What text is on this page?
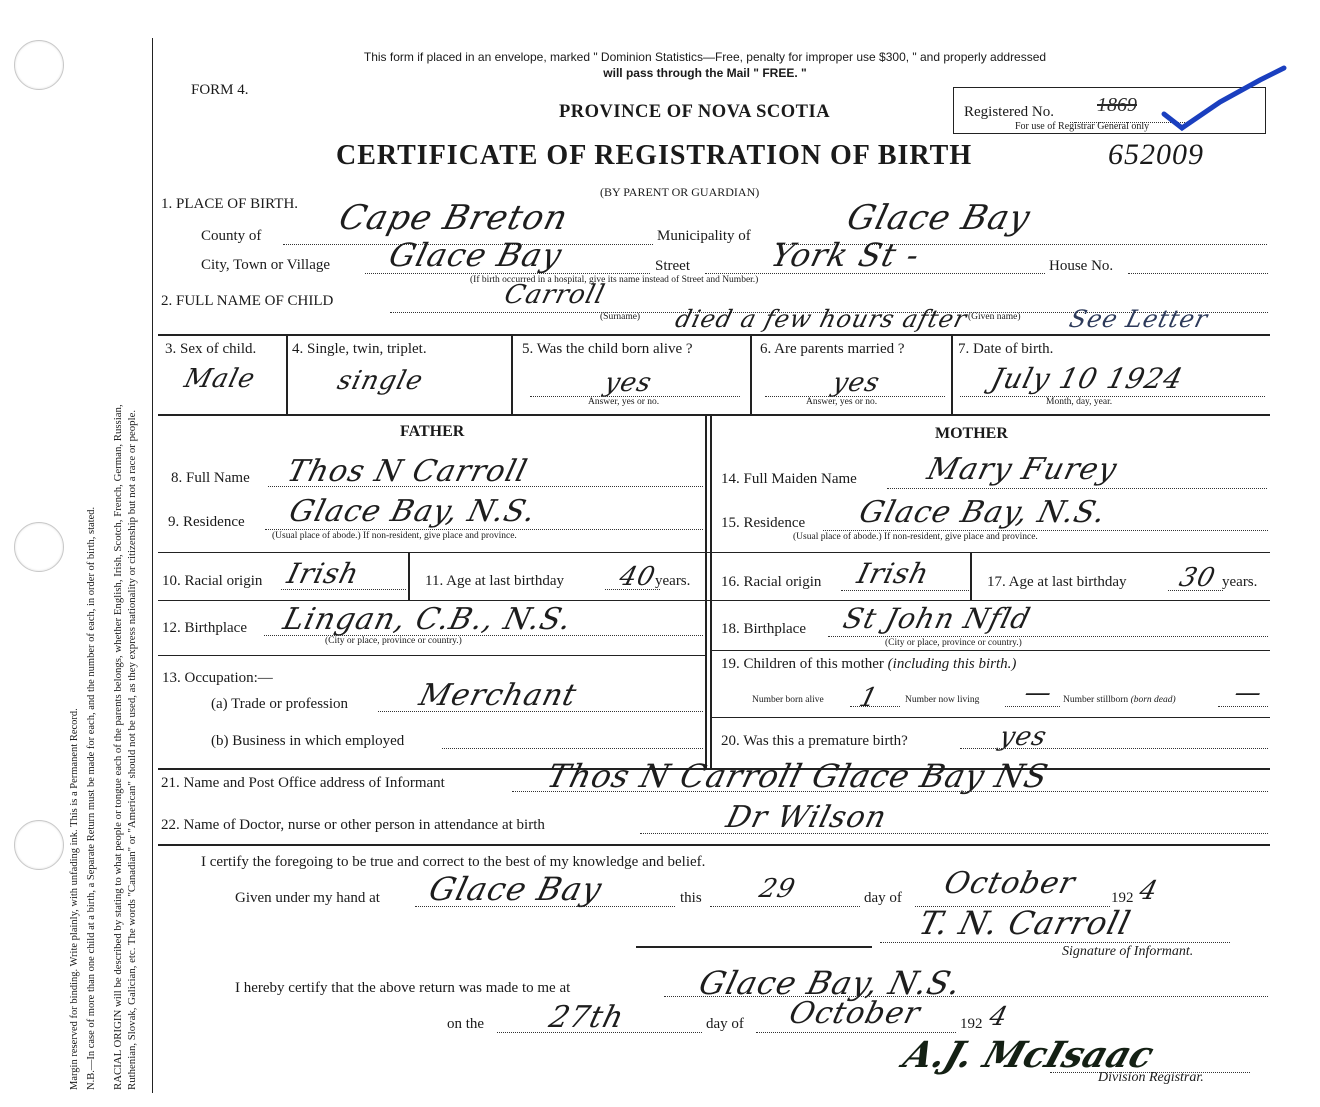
Margin reserved for binding. Write plainly, with unfading ink. This is a Permanent Record. N.B.—In case of more than one child at a birth, a Separate Return must be made for each, and the number of each, in order of birth, stated. RACIAL ORIGIN will be described by stating to what people or tongue each of the parents belongs, whether English, Irish, Scotch, French, German, Russian, Ruthenian, Slovak, Galician, etc. The words "Canadian" or "American" should not be used, as they express nationality or citizenship but not a race or people.
This form if placed in an envelope, marked " Dominion Statistics—Free, penalty for improper use $300, " and properly addressed
will pass through the Mail " FREE. "
FORM 4.
PROVINCE OF NOVA SCOTIA	Registered No. 1869
For use of Registrar General only
CERTIFICATE OF REGISTRATION OF BIRTH	652009
(BY PARENT OR GUARDIAN)
1. PLACE OF BIRTH.
County of Cape Breton	Municipality of	Glace Bay
City, Town or Village Glace Bay	Street York St -	House No.
(If birth occurred in a hospital, give its name instead of Street and Number.)
2. FULL NAME OF CHILD	Carroll
(Surname) died a few hours after
(Given name) See Letter
3. Sex of child.
Male
4. Single, twin, triplet.
single
5. Was the child born alive ?
yes
Answer, yes or no.
6. Are parents married ?
yes
Answer, yes or no.
7. Date of birth.
July 10 1924
Month, day, year.
FATHER	MOTHER
8. Full Name Thos N Carroll
9. Residence Glace Bay, N.S.
(Usual place of abode.) If non-resident, give place and province.
10. Racial origin Irish	11. Age at last birthday 40
years.
12. Birthplace Lingan, C.B., N.S.
(City or place, province or country.)
13. Occupation:—
(a) Trade or profession Merchant
(b) Business in which employed
14. Full Maiden Name Mary Furey
15. Residence Glace Bay, N.S.
(Usual place of abode.) If non-resident, give place and province.
16. Racial origin Irish	17. Age at last birthday 30 years.
18. Birthplace St John Nfld
(City or place, province or country.)
19. Children of this mother (including this birth.)
Number born alive 1 Number now living — Number stillborn (born dead) —
20. Was this a premature birth?	yes
21. Name and Post Office address of Informant	Thos N Carroll Glace Bay NS
22. Name of Doctor, nurse or other person in attendance at birth	Dr Wilson
I certify the foregoing to be true and correct to the best of my knowledge and belief.
Given under my hand at Glace Bay	this 29	day of October 192 4
T. N. Carroll
Signature of Informant.
I hereby certify that the above return was made to me at	Glace Bay, N.S.
on the 27th	day of October 192 4
A.J. McIsaac
Division Registrar.
